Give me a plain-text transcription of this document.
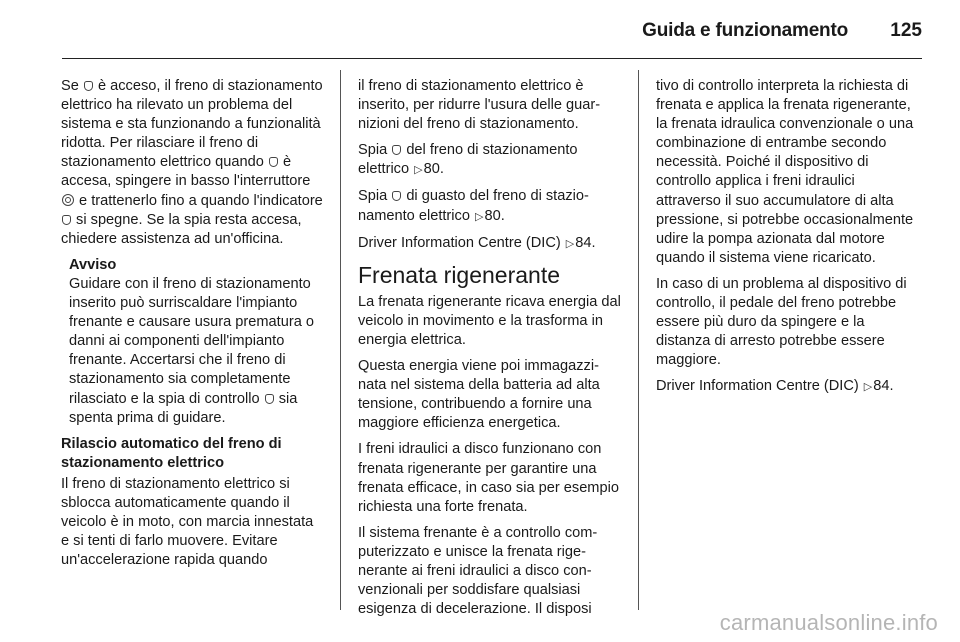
Guida e funzionamento 125

Se  è acceso, il freno di stazionamento elettrico ha rilevato un problema del sistema e sta funzionando a funzionalità ridotta. Per rilasciare il freno di stazionamento elettrico quando  è accesa, spingere in basso l'interruttore  e trattenerlo fino a quando l'indicatore  si spegne. Se la spia resta accesa, chiedere assistenza ad un'officina.

Avviso
Guidare con il freno di stazionamento inserito può surriscaldare l'impianto frenante e causare usura prematura o danni ai componenti dell'impianto frenante. Accertarsi che il freno di stazionamento sia completamente rilasciato e la spia di controllo  sia spenta prima di guidare.
Rilascio automatico del freno di stazionamento elettrico

Il freno di stazionamento elettrico si sblocca automaticamente quando il veicolo è in moto, con marcia innestata e si tenti di farlo muovere. Evitare un'accelerazione rapida quando

il freno di stazionamento elettrico è inserito, per ridurre l'usura delle guarnizioni del freno di stazionamento.

Spia  del freno di stazionamento elettrico ▷80.

Spia  di guasto del freno di stazionamento elettrico ▷80.

Driver Information Centre (DIC) ▷84.

Frenata rigenerante

La frenata rigenerante ricava energia dal veicolo in movimento e la trasforma in energia elettrica.

Questa energia viene poi immagazzinata nel sistema della batteria ad alta tensione, contribuendo a fornire una maggiore efficienza energetica.

I freni idraulici a disco funzionano con frenata rigenerante per garantire una frenata efficace, in caso sia per esempio richiesta una forte frenata.

Il sistema frenante è a controllo computerizzato e unisce la frenata rigenerante ai freni idraulici a disco convenzionali per soddisfare qualsiasi esigenza di decelerazione. Il disposi

tivo di controllo interpreta la richiesta di frenata e applica la frenata rigenerante, la frenata idraulica convenzionale o una combinazione di entrambe secondo necessità. Poiché il dispositivo di controllo applica i freni idraulici attraverso il suo accumulatore di alta pressione, si potrebbe occasionalmente udire la pompa azionata dal motore quando il sistema viene ricaricato.

In caso di un problema al dispositivo di controllo, il pedale del freno potrebbe essere più duro da spingere e la distanza di arresto potrebbe essere maggiore.

Driver Information Centre (DIC) ▷84.

carmanualsonline.info
